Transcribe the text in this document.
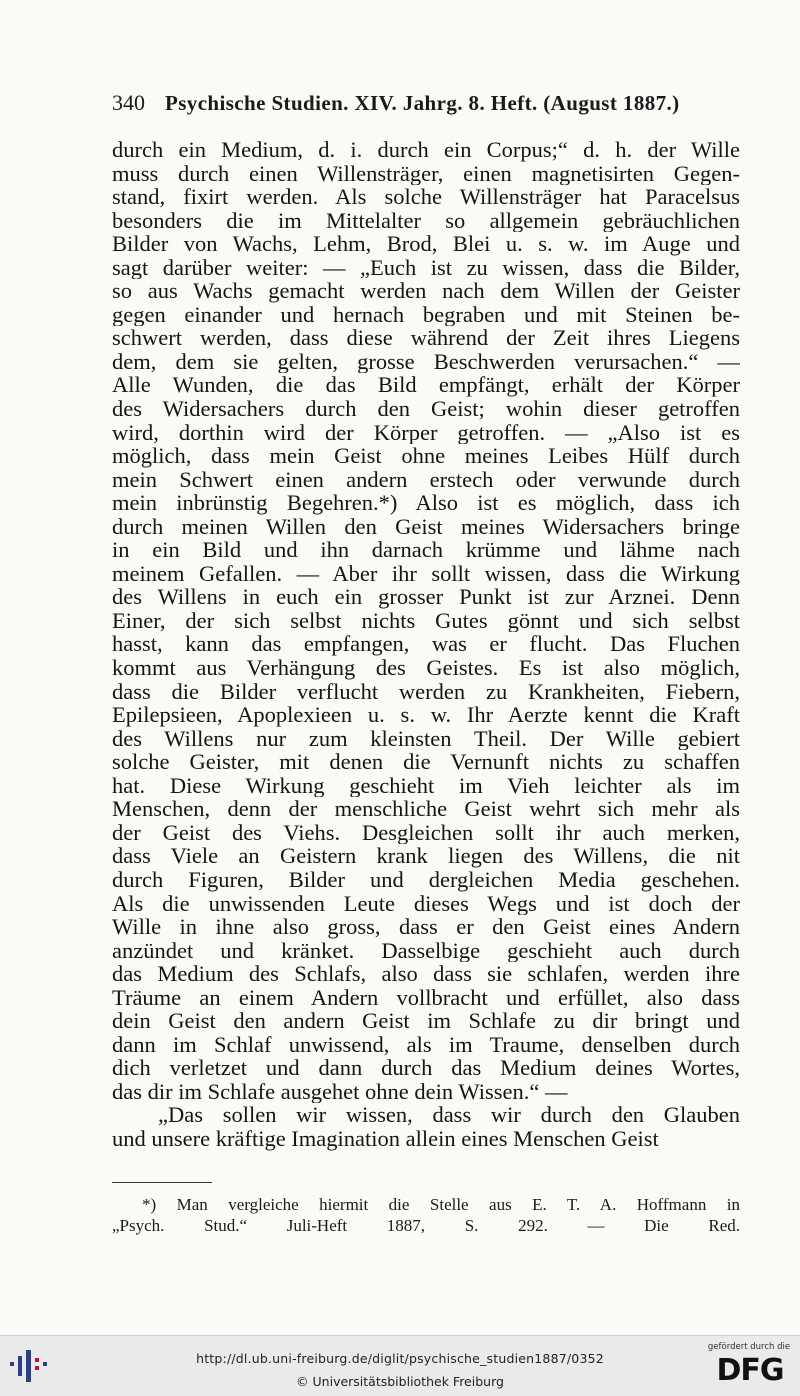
340 Psychische Studien. XIV. Jahrg. 8. Heft. (August 1887.)
durch ein Medium, d. i. durch ein Corpus;“ d. h. der Wille
muss durch einen Willensträger, einen magnetisirten Gegen-
stand, fixirt werden. Als solche Willensträger hat Paracelsus
besonders die im Mittelalter so allgemein gebräuchlichen
Bilder von Wachs, Lehm, Brod, Blei u. s. w. im Auge und
sagt darüber weiter: — „Euch ist zu wissen, dass die Bilder,
so aus Wachs gemacht werden nach dem Willen der Geister
gegen einander und hernach begraben und mit Steinen be-
schwert werden, dass diese während der Zeit ihres Liegens
dem, dem sie gelten, grosse Beschwerden verursachen.“ —
Alle Wunden, die das Bild empfängt, erhält der Körper
des Widersachers durch den Geist; wohin dieser getroffen
wird, dorthin wird der Körper getroffen. — „Also ist es
möglich, dass mein Geist ohne meines Leibes Hülf durch
mein Schwert einen andern erstech oder verwunde durch
mein inbrünstig Begehren.*) Also ist es möglich, dass ich
durch meinen Willen den Geist meines Widersachers bringe
in ein Bild und ihn darnach krümme und lähme nach
meinem Gefallen. — Aber ihr sollt wissen, dass die Wirkung
des Willens in euch ein grosser Punkt ist zur Arznei. Denn
Einer, der sich selbst nichts Gutes gönnt und sich selbst
hasst, kann das empfangen, was er flucht. Das Fluchen
kommt aus Verhängung des Geistes. Es ist also möglich,
dass die Bilder verflucht werden zu Krankheiten, Fiebern,
Epilepsieen, Apoplexieen u. s. w. Ihr Aerzte kennt die Kraft
des Willens nur zum kleinsten Theil. Der Wille gebiert
solche Geister, mit denen die Vernunft nichts zu schaffen
hat. Diese Wirkung geschieht im Vieh leichter als im
Menschen, denn der menschliche Geist wehrt sich mehr als
der Geist des Viehs. Desgleichen sollt ihr auch merken,
dass Viele an Geistern krank liegen des Willens, die nit
durch Figuren, Bilder und dergleichen Media geschehen.
Als die unwissenden Leute dieses Wegs und ist doch der
Wille in ihne also gross, dass er den Geist eines Andern
anzündet und kränket. Dasselbige geschieht auch durch
das Medium des Schlafs, also dass sie schlafen, werden ihre
Träume an einem Andern vollbracht und erfüllet, also dass
dein Geist den andern Geist im Schlafe zu dir bringt und
dann im Schlaf unwissend, als im Traume, denselben durch
dich verletzet und dann durch das Medium deines Wortes,
das dir im Schlafe ausgehet ohne dein Wissen.“ —
„Das sollen wir wissen, dass wir durch den Glauben
und unsere kräftige Imagination allein eines Menschen Geist
*) Man vergleiche hiermit die Stelle aus E. T. A. Hoffmann in
„Psych. Stud.“ Juli-Heft 1887, S. 292. — Die Red.
http://dl.ub.uni-freiburg.de/diglit/psychische_studien1887/0352
© Universitätsbibliothek Freiburg
gefördert durch die
DFG
